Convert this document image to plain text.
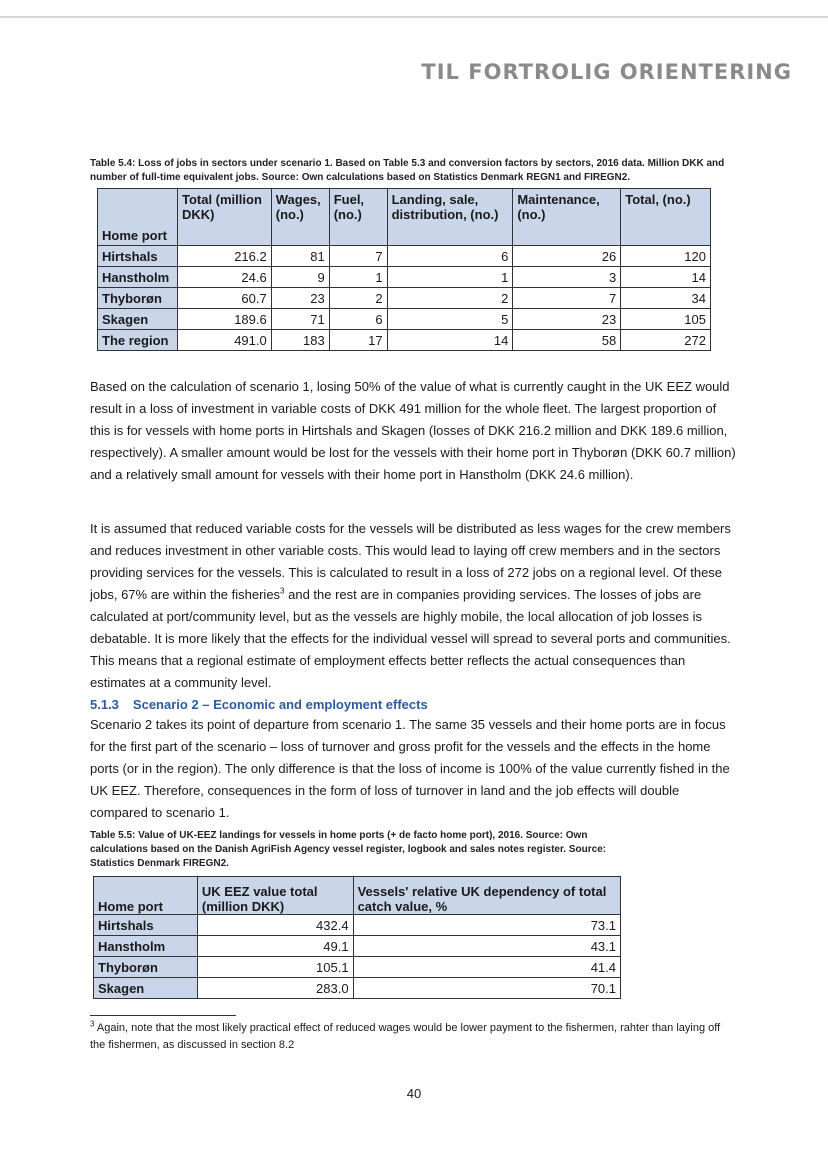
TIL FORTROLIG ORIENTERING
Table 5.4: Loss of jobs in sectors under scenario 1. Based on Table 5.3 and conversion factors by sectors, 2016 data. Million DKK and number of full-time equivalent jobs. Source: Own calculations based on Statistics Denmark REGN1 and FIREGN2.
Home port	Total (million DKK)	Wages, (no.)	Fuel, (no.)	Landing, sale, distribution, (no.)	Maintenance, (no.)	Total, (no.)
Hirtshals	216.2	81	7	6	26	120
Hanstholm	24.6	9	1	1	3	14
Thyborøn	60.7	23	2	2	7	34
Skagen	189.6	71	6	5	23	105
The region	491.0	183	17	14	58	272
Based on the calculation of scenario 1, losing 50% of the value of what is currently caught in the UK EEZ would result in a loss of investment in variable costs of DKK 491 million for the whole fleet. The largest proportion of this is for vessels with home ports in Hirtshals and Skagen (losses of DKK 216.2 million and DKK 189.6 million, respectively). A smaller amount would be lost for the vessels with their home port in Thyborøn (DKK 60.7 million) and a relatively small amount for vessels with their home port in Hanstholm (DKK 24.6 million).
It is assumed that reduced variable costs for the vessels will be distributed as less wages for the crew members and reduces investment in other variable costs. This would lead to laying off crew members and in the sectors providing services for the vessels. This is calculated to result in a loss of 272 jobs on a regional level. Of these jobs, 67% are within the fisheries$^3$ and the rest are in companies providing services. The losses of jobs are calculated at port/community level, but as the vessels are highly mobile, the local allocation of job losses is debatable. It is more likely that the effects for the individual vessel will spread to several ports and communities. This means that a regional estimate of employment effects better reflects the actual consequences than estimates at a community level.
5.1.3 Scenario 2 – Economic and employment effects
Scenario 2 takes its point of departure from scenario 1. The same 35 vessels and their home ports are in focus for the first part of the scenario – loss of turnover and gross profit for the vessels and the effects in the home ports (or in the region). The only difference is that the loss of income is 100% of the value currently fished in the UK EEZ. Therefore, consequences in the form of loss of turnover in land and the job effects will double compared to scenario 1.
Table 5.5: Value of UK-EEZ landings for vessels in home ports (+ de facto home port), 2016. Source: Own calculations based on the Danish AgriFish Agency vessel register, logbook and sales notes register. Source: Statistics Denmark FIREGN2.
Home port	UK EEZ value total (million DKK)	Vessels' relative UK dependency of total catch value, %
Hirtshals	432.4	73.1
Hanstholm	49.1	43.1
Thyborøn	105.1	41.4
Skagen	283.0	70.1
$^3$ Again, note that the most likely practical effect of reduced wages would be lower payment to the fishermen, rahter than laying off the fishermen, as discussed in section 8.2
40
